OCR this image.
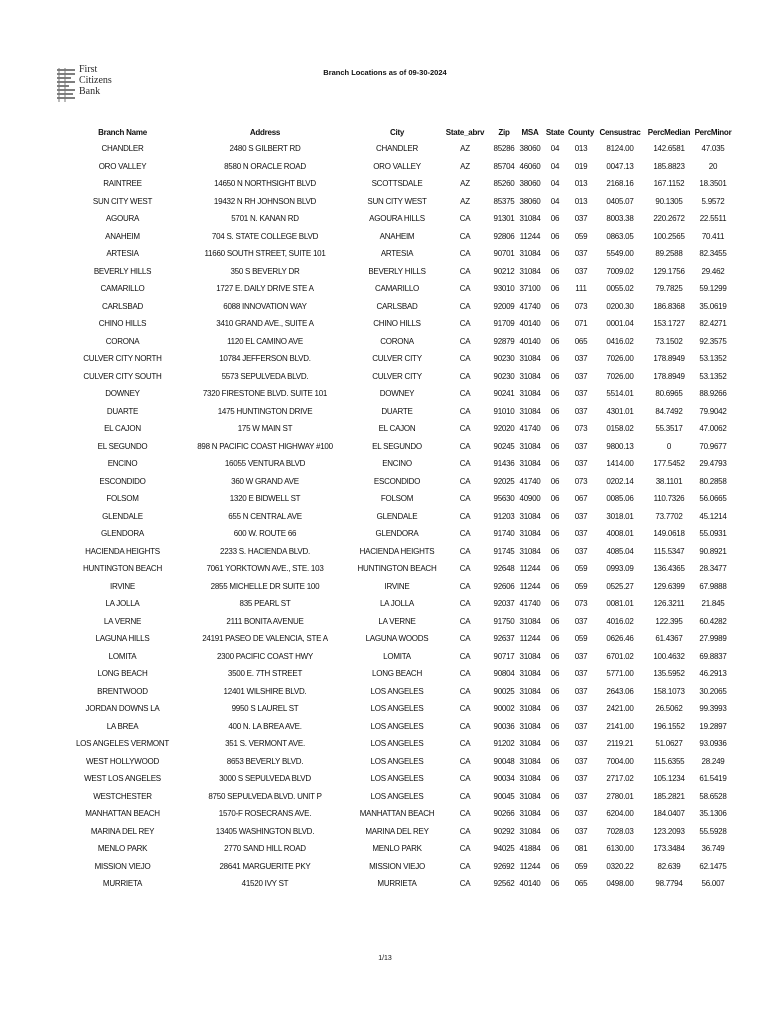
First
Citizens
Bank
Branch Locations as of 09-30-2024
Branch Name	Address	City	State_abrv	Zip	MSA	State	County	Censustrac	PercMedian	PercMinor
CHANDLER	2480 S GILBERT RD	CHANDLER	AZ	85286	38060	04	013	8124.00	142.6581	47.035
ORO VALLEY	8580 N ORACLE ROAD	ORO VALLEY	AZ	85704	46060	04	019	0047.13	185.8823	20
RAINTREE	14650 N NORTHSIGHT BLVD	SCOTTSDALE	AZ	85260	38060	04	013	2168.16	167.1152	18.3501
SUN CITY WEST	19432 N RH JOHNSON BLVD	SUN CITY WEST	AZ	85375	38060	04	013	0405.07	90.1305	5.9572
AGOURA	5701 N. KANAN RD	AGOURA HILLS	CA	91301	31084	06	037	8003.38	220.2672	22.5511
ANAHEIM	704 S. STATE COLLEGE BLVD	ANAHEIM	CA	92806	11244	06	059	0863.05	100.2565	70.411
ARTESIA	11660 SOUTH STREET, SUITE 101	ARTESIA	CA	90701	31084	06	037	5549.00	89.2588	82.3455
BEVERLY HILLS	350 S BEVERLY DR	BEVERLY HILLS	CA	90212	31084	06	037	7009.02	129.1756	29.462
CAMARILLO	1727 E. DAILY DRIVE STE A	CAMARILLO	CA	93010	37100	06	111	0055.02	79.7825	59.1299
CARLSBAD	6088 INNOVATION WAY	CARLSBAD	CA	92009	41740	06	073	0200.30	186.8368	35.0619
CHINO HILLS	3410 GRAND AVE., SUITE A	CHINO HILLS	CA	91709	40140	06	071	0001.04	153.1727	82.4271
CORONA	1120 EL CAMINO AVE	CORONA	CA	92879	40140	06	065	0416.02	73.1502	92.3575
CULVER CITY NORTH	10784 JEFFERSON BLVD.	CULVER CITY	CA	90230	31084	06	037	7026.00	178.8949	53.1352
CULVER CITY SOUTH	5573 SEPULVEDA BLVD.	CULVER CITY	CA	90230	31084	06	037	7026.00	178.8949	53.1352
DOWNEY	7320 FIRESTONE BLVD. SUITE 101	DOWNEY	CA	90241	31084	06	037	5514.01	80.6965	88.9266
DUARTE	1475 HUNTINGTON DRIVE	DUARTE	CA	91010	31084	06	037	4301.01	84.7492	79.9042
EL CAJON	175 W MAIN ST	EL CAJON	CA	92020	41740	06	073	0158.02	55.3517	47.0062
EL SEGUNDO	898 N PACIFIC COAST HIGHWAY #100	EL SEGUNDO	CA	90245	31084	06	037	9800.13	0	70.9677
ENCINO	16055 VENTURA BLVD	ENCINO	CA	91436	31084	06	037	1414.00	177.5452	29.4793
ESCONDIDO	360 W GRAND AVE	ESCONDIDO	CA	92025	41740	06	073	0202.14	38.1101	80.2858
FOLSOM	1320 E BIDWELL ST	FOLSOM	CA	95630	40900	06	067	0085.06	110.7326	56.0665
GLENDALE	655 N CENTRAL AVE	GLENDALE	CA	91203	31084	06	037	3018.01	73.7702	45.1214
GLENDORA	600 W. ROUTE 66	GLENDORA	CA	91740	31084	06	037	4008.01	149.0618	55.0931
HACIENDA HEIGHTS	2233 S. HACIENDA BLVD.	HACIENDA HEIGHTS	CA	91745	31084	06	037	4085.04	115.5347	90.8921
HUNTINGTON BEACH	7061 YORKTOWN AVE., STE. 103	HUNTINGTON BEACH	CA	92648	11244	06	059	0993.09	136.4365	28.3477
IRVINE	2855 MICHELLE DR SUITE 100	IRVINE	CA	92606	11244	06	059	0525.27	129.6399	67.9888
LA JOLLA	835 PEARL ST	LA JOLLA	CA	92037	41740	06	073	0081.01	126.3211	21.845
LA VERNE	2111 BONITA AVENUE	LA VERNE	CA	91750	31084	06	037	4016.02	122.395	60.4282
LAGUNA HILLS	24191 PASEO DE VALENCIA, STE A	LAGUNA WOODS	CA	92637	11244	06	059	0626.46	61.4367	27.9989
LOMITA	2300 PACIFIC COAST HWY	LOMITA	CA	90717	31084	06	037	6701.02	100.4632	69.8837
LONG BEACH	3500 E. 7TH STREET	LONG BEACH	CA	90804	31084	06	037	5771.00	135.5952	46.2913
BRENTWOOD	12401 WILSHIRE BLVD.	LOS ANGELES	CA	90025	31084	06	037	2643.06	158.1073	30.2065
JORDAN DOWNS LA	9950 S LAUREL ST	LOS ANGELES	CA	90002	31084	06	037	2421.00	26.5062	99.3993
LA BREA	400 N. LA BREA AVE.	LOS ANGELES	CA	90036	31084	06	037	2141.00	196.1552	19.2897
LOS ANGELES VERMONT	351 S. VERMONT AVE.	LOS ANGELES	CA	91202	31084	06	037	2119.21	51.0627	93.0936
WEST HOLLYWOOD	8653 BEVERLY BLVD.	LOS ANGELES	CA	90048	31084	06	037	7004.00	115.6355	28.249
WEST LOS ANGELES	3000 S SEPULVEDA BLVD	LOS ANGELES	CA	90034	31084	06	037	2717.02	105.1234	61.5419
WESTCHESTER	8750 SEPULVEDA BLVD. UNIT P	LOS ANGELES	CA	90045	31084	06	037	2780.01	185.2821	58.6528
MANHATTAN BEACH	1570-F ROSECRANS AVE.	MANHATTAN BEACH	CA	90266	31084	06	037	6204.00	184.0407	35.1306
MARINA DEL REY	13405 WASHINGTON BLVD.	MARINA DEL REY	CA	90292	31084	06	037	7028.03	123.2093	55.5928
MENLO PARK	2770 SAND HILL ROAD	MENLO PARK	CA	94025	41884	06	081	6130.00	173.3484	36.749
MISSION VIEJO	28641 MARGUERITE PKY	MISSION VIEJO	CA	92692	11244	06	059	0320.22	82.639	62.1475
MURRIETA	41520 IVY ST	MURRIETA	CA	92562	40140	06	065	0498.00	98.7794	56.007
1/13
